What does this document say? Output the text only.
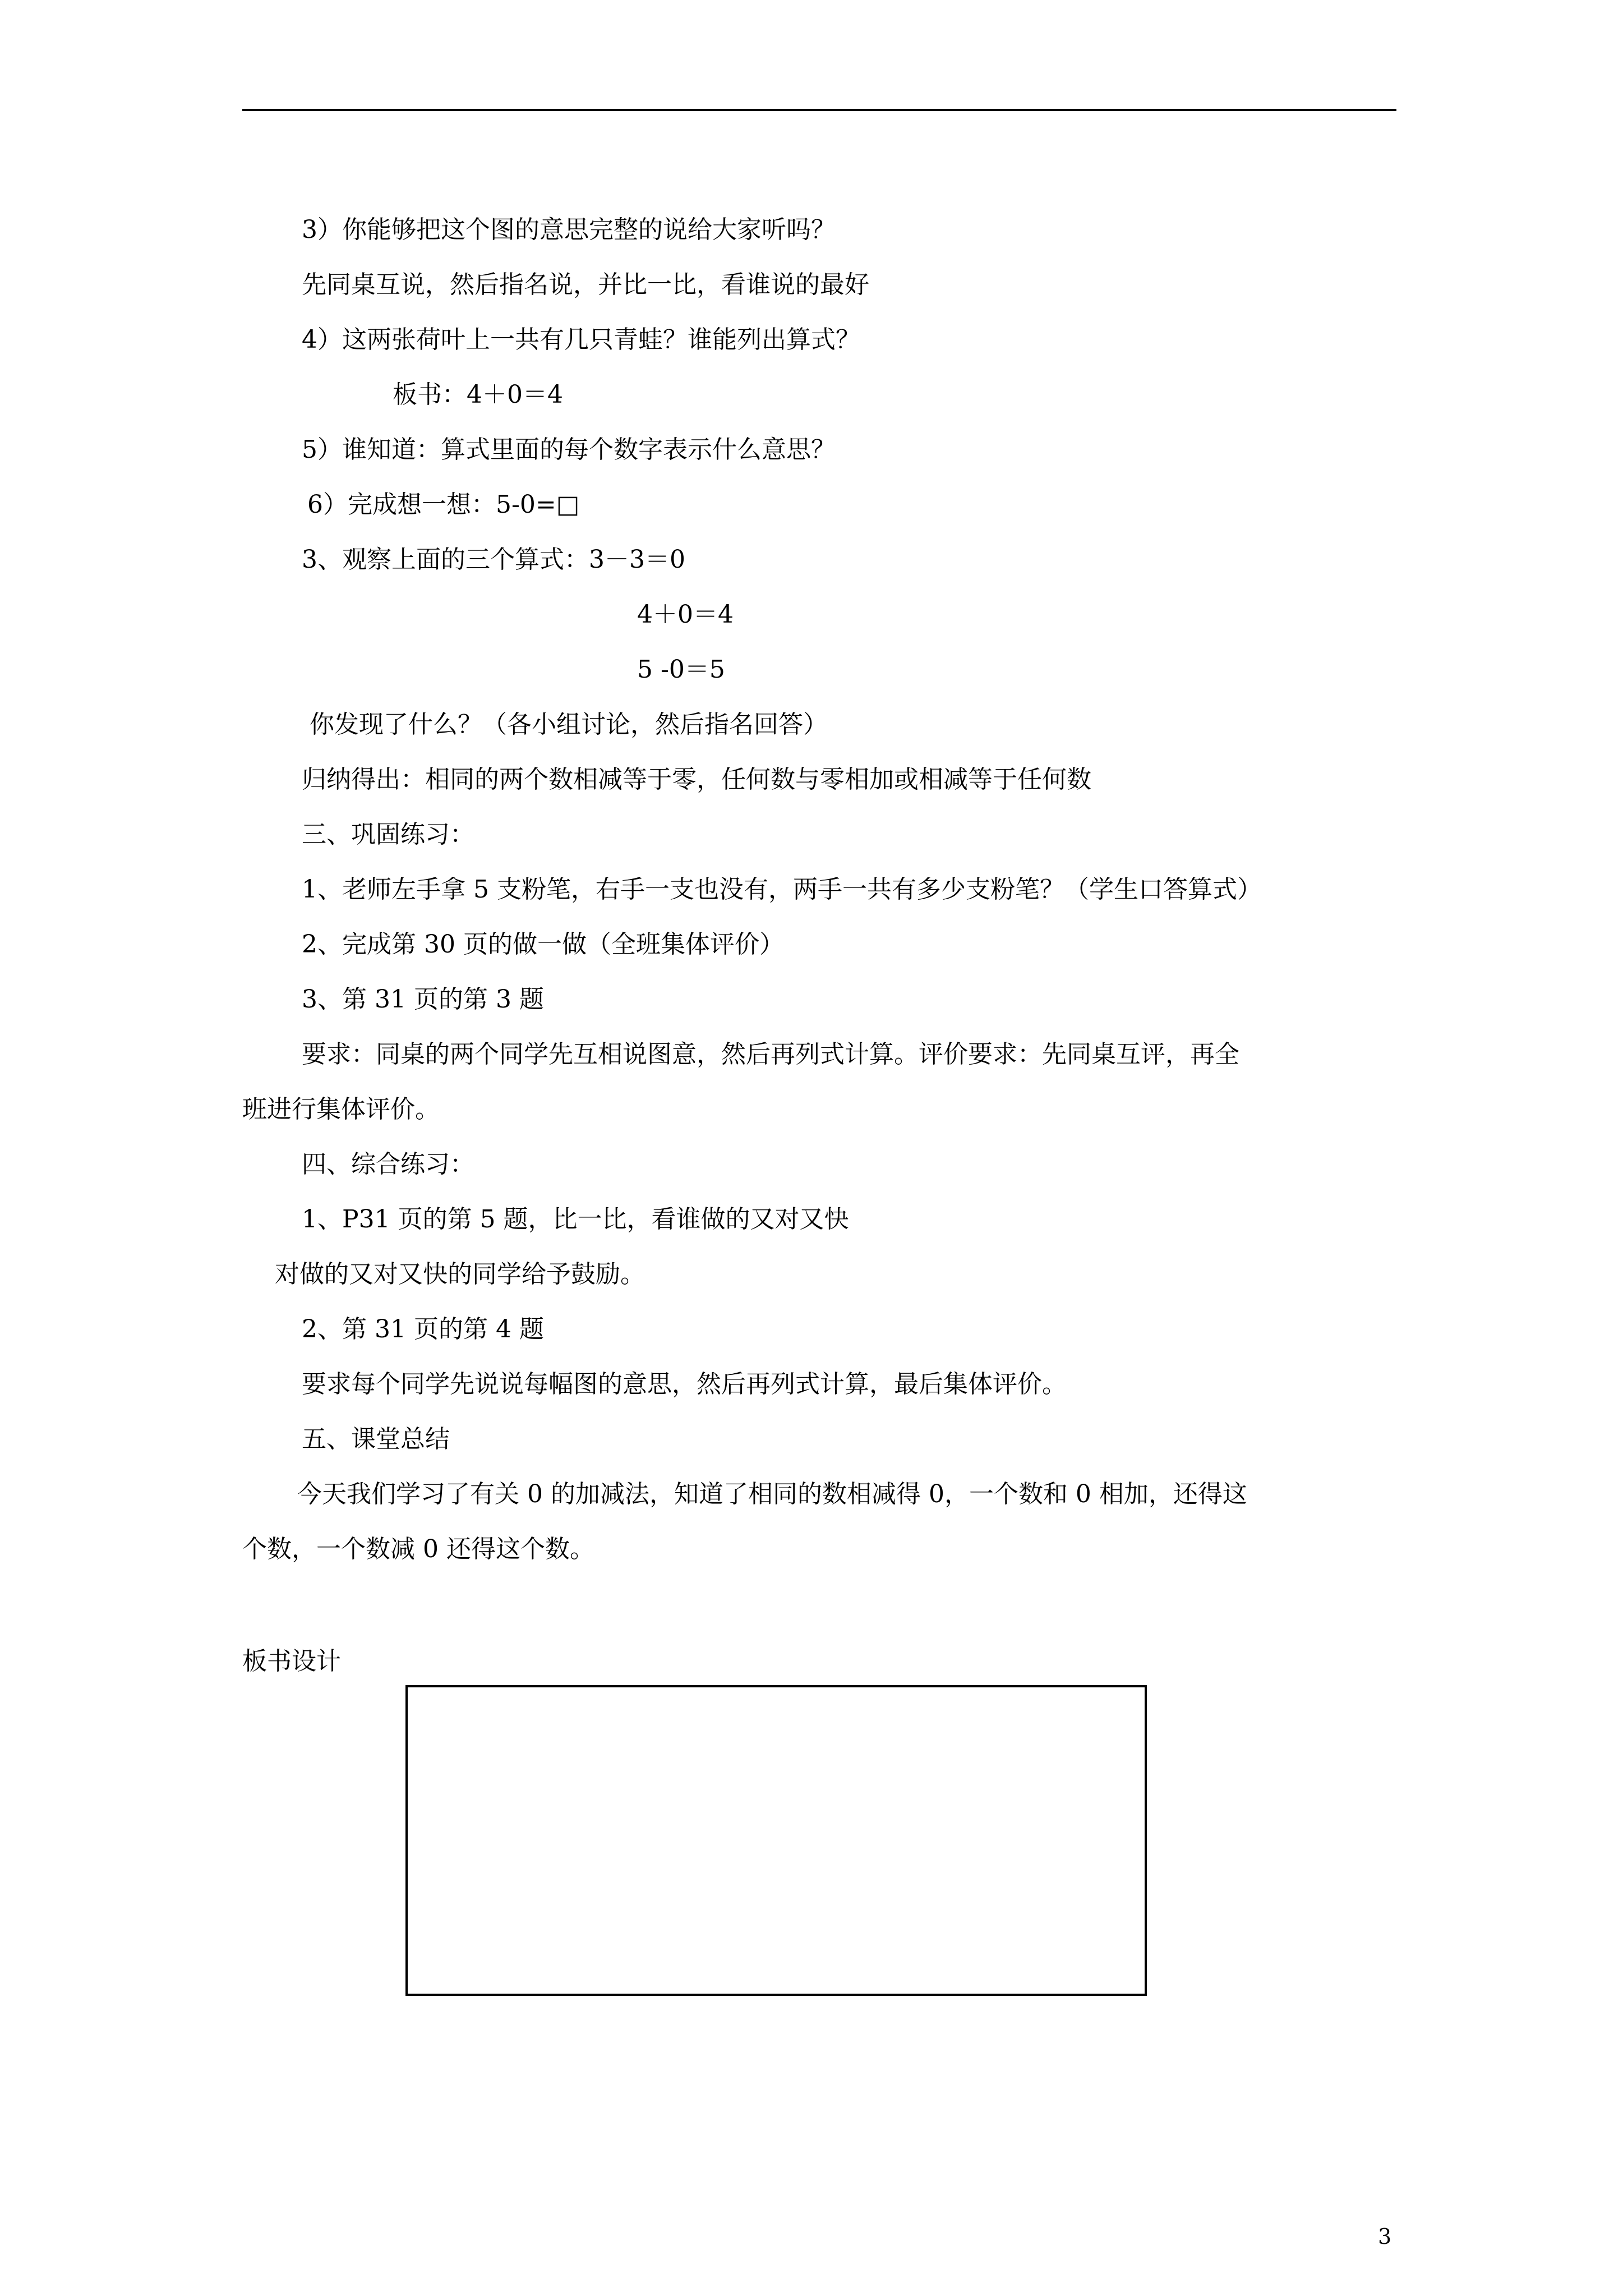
3）你能够把这个图的意思完整的说给大家听吗？
先同桌互说，然后指名说，并比一比，看谁说的最好
4）这两张荷叶上一共有几只青蛙？谁能列出算式？
板书：4＋0＝4
5）谁知道：算式里面的每个数字表示什么意思？
6）完成想一想：5-0=□
3、观察上面的三个算式：3－3＝0
4＋0＝4
5 -0＝5
你发现了什么？（各小组讨论，然后指名回答）
归纳得出：相同的两个数相减等于零，任何数与零相加或相减等于任何数
三、巩固练习：
1、老师左手拿 5 支粉笔，右手一支也没有，两手一共有多少支粉笔？（学生口答算式）
2、完成第 30 页的做一做（全班集体评价）
3、第 31 页的第 3 题
要求：同桌的两个同学先互相说图意，然后再列式计算。评价要求：先同桌互评，再全
班进行集体评价。
四、综合练习：
1、P31 页的第 5 题，比一比，看谁做的又对又快
对做的又对又快的同学给予鼓励。
2、第 31 页的第 4 题
要求每个同学先说说每幅图的意思，然后再列式计算，最后集体评价。
五、课堂总结
今天我们学习了有关 0 的加减法，知道了相同的数相减得 0，一个数和 0 相加，还得这
个数，一个数减 0 还得这个数。
板书设计
3
